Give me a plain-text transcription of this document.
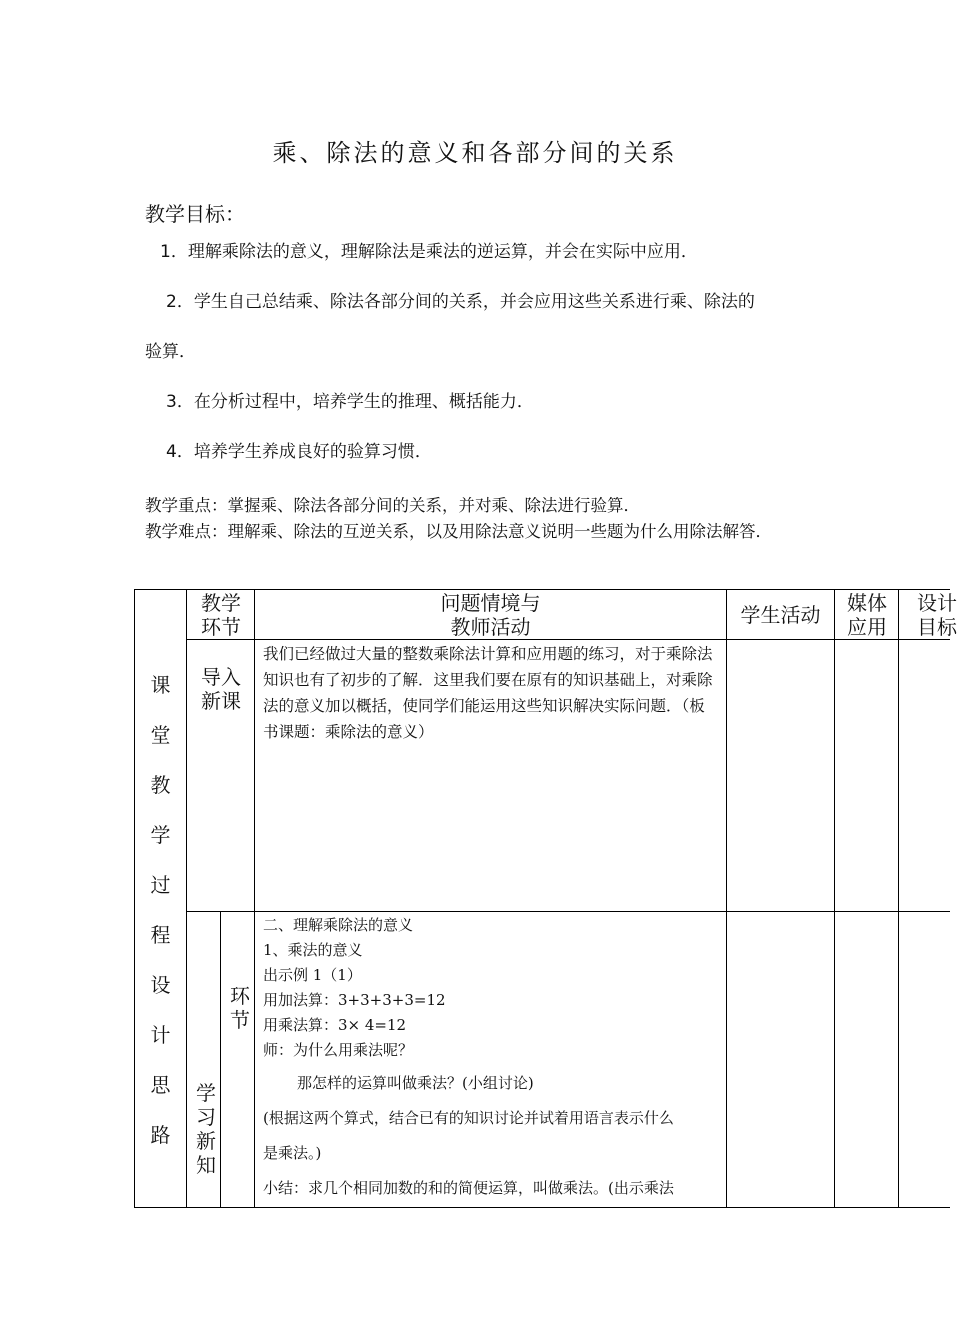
乘、除法的意义和各部分间的关系
教学目标：
1．理解乘除法的意义，理解除法是乘法的逆运算，并会在实际中应用．
2．学生自己总结乘、除法各部分间的关系，并会应用这些关系进行乘、除法的
验算．
3．在分析过程中，培养学生的推理、概括能力．
4．培养学生养成良好的验算习惯．
教学重点：掌握乘、除法各部分间的关系，并对乘、除法进行验算．
教学难点：理解乘、除法的互逆关系，以及用除法意义说明一些题为什么用除法解答．
课
堂
教
学
过
程
设
计
思
路
教学环节
问题情境与
教师活动	学生活动	媒体应用
设计目标
导入新课
我们已经做过大量的整数乘除法计算和应用题的练习，对于乘除法知识也有了初步的了解．这里我们要在原有的知识基础上，对乘除法的意义加以概括，使同学们能运用这些知识解决实际问题．（板书课题：乘除法的意义）
学习新知
环节
二、理解乘除法的意义
1、乘法的意义
出示例 1（1）
用加法算：3+3+3+3=12
用乘法算：3× 4=12
师：为什么用乘法呢？
那怎样的运算叫做乘法？(小组讨论)
(根据这两个算式，结合已有的知识讨论并试着用语言表示什么
是乘法。)
小结：求几个相同加数的和的简便运算，叫做乘法。(出示乘法
